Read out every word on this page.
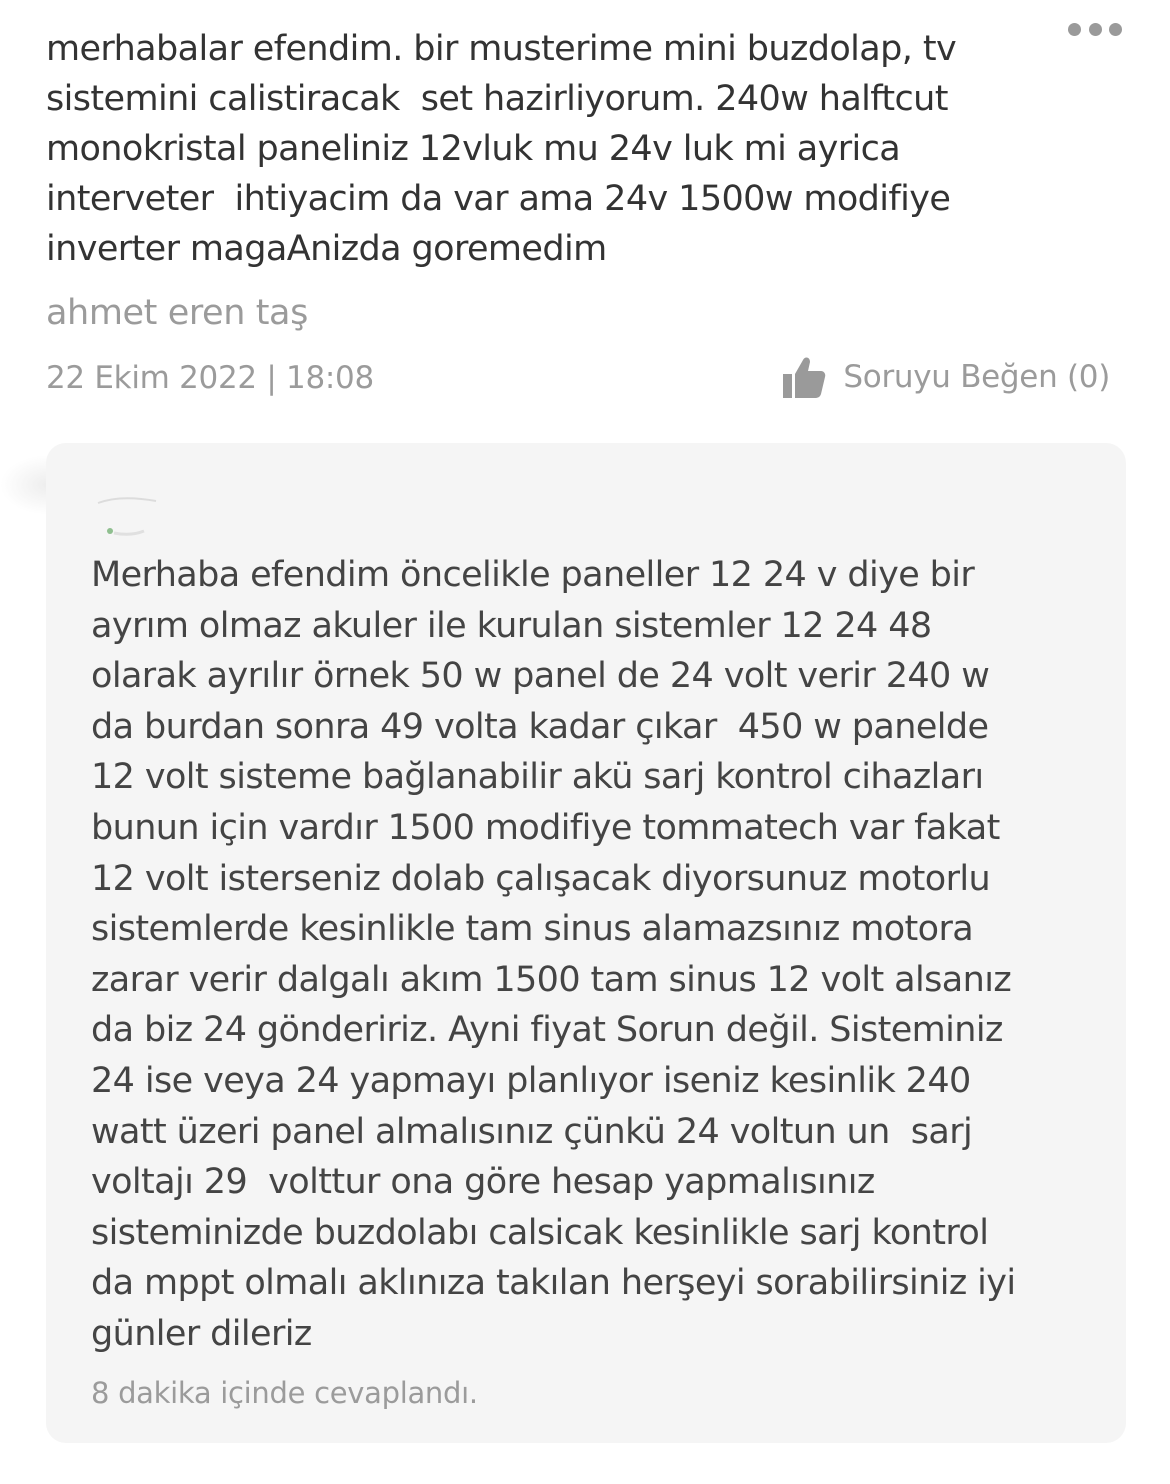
merhabalar efendim. bir musterime mini buzdolap, tv
sistemini calistiracak  set hazirliyorum. 240w halftcut
monokristal paneliniz 12vluk mu 24v luk mi ayrica
interveter  ihtiyacim da var ama 24v 1500w modifiye
inverter magaAnizda goremedim

ahmet eren taş
22 Ekim 2022 | 18:08	Soruyu Beğen (0)

Merhaba efendim öncelikle paneller 12 24 v diye bir
ayrım olmaz akuler ile kurulan sistemler 12 24 48
olarak ayrılır örnek 50 w panel de 24 volt verir 240 w
da burdan sonra 49 volta kadar çıkar  450 w panelde
12 volt sisteme bağlanabilir akü sarj kontrol cihazları
bunun için vardır 1500 modifiye tommatech var fakat
12 volt isterseniz dolab çalışacak diyorsunuz motorlu
sistemlerde kesinlikle tam sinus alamazsınız motora
zarar verir dalgalı akım 1500 tam sinus 12 volt alsanız
da biz 24 göndeririz. Ayni fiyat Sorun değil. Sisteminiz
24 ise veya 24 yapmayı planlıyor iseniz kesinlik 240
watt üzeri panel almalısınız çünkü 24 voltun un  sarj
voltajı 29  volttur ona göre hesap yapmalısınız
sisteminizde buzdolabı calsicak kesinlikle sarj kontrol
da mppt olmalı aklınıza takılan herşeyi sorabilirsiniz iyi
günler dileriz

8 dakika içinde cevaplandı.
